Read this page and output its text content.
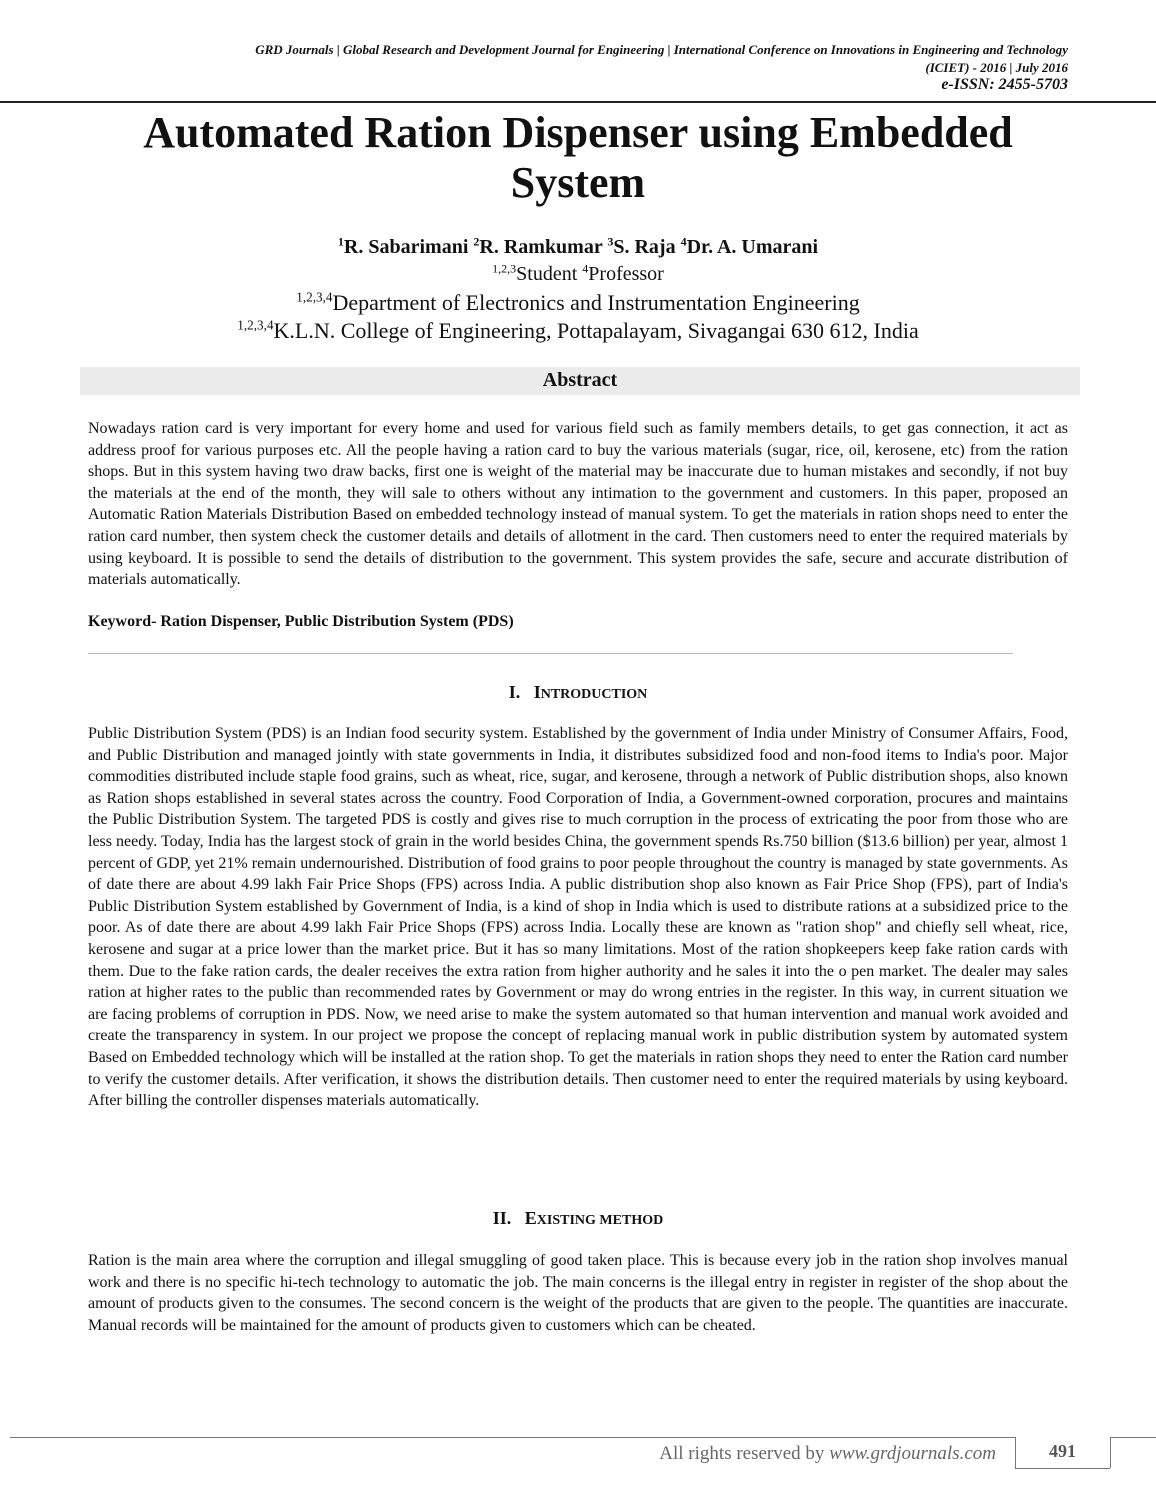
GRD Journals | Global Research and Development Journal for Engineering | International Conference on Innovations in Engineering and Technology
(ICIET) - 2016 | July 2016
e-ISSN: 2455-5703
Automated Ration Dispenser using Embedded
System
$^1$R. Sabarimani $^2$R. Ramkumar $^3$S. Raja $^4$Dr. A. Umarani
$^{1,2,3}$Student $^4$Professor
$^{1,2,3,4}$Department of Electronics and Instrumentation Engineering
$^{1,2,3,4}$K.L.N. College of Engineering, Pottapalayam, Sivagangai 630 612, India
Abstract
Nowadays ration card is very important for every home and used for various field such as family members details, to get gas connection, it act as address proof for various purposes etc. All the people having a ration card to buy the various materials (sugar, rice, oil, kerosene, etc) from the ration shops. But in this system having two draw backs, first one is weight of the material may be inaccurate due to human mistakes and secondly, if not buy the materials at the end of the month, they will sale to others without any intimation to the government and customers. In this paper, proposed an Automatic Ration Materials Distribution Based on embedded technology instead of manual system. To get the materials in ration shops need to enter the ration card number, then system check the customer details and details of allotment in the card. Then customers need to enter the required materials by using keyboard. It is possible to send the details of distribution to the government. This system provides the safe, secure and accurate distribution of materials automatically.
Keyword- Ration Dispenser, Public Distribution System (PDS)
I. INTRODUCTION
Public Distribution System (PDS) is an Indian food security system. Established by the government of India under Ministry of Consumer Affairs, Food, and Public Distribution and managed jointly with state governments in India, it distributes subsidized food and non-food items to India's poor. Major commodities distributed include staple food grains, such as wheat, rice, sugar, and kerosene, through a network of Public distribution shops, also known as Ration shops established in several states across the country. Food Corporation of India, a Government-owned corporation, procures and maintains the Public Distribution System. The targeted PDS is costly and gives rise to much corruption in the process of extricating the poor from those who are less needy. Today, India has the largest stock of grain in the world besides China, the government spends Rs.750 billion ($13.6 billion) per year, almost 1 percent of GDP, yet 21% remain undernourished. Distribution of food grains to poor people throughout the country is managed by state governments. As of date there are about 4.99 lakh Fair Price Shops (FPS) across India. A public distribution shop also known as Fair Price Shop (FPS), part of India's Public Distribution System established by Government of India, is a kind of shop in India which is used to distribute rations at a subsidized price to the poor. As of date there are about 4.99 lakh Fair Price Shops (FPS) across India. Locally these are known as "ration shop" and chiefly sell wheat, rice, kerosene and sugar at a price lower than the market price. But it has so many limitations. Most of the ration shopkeepers keep fake ration cards with them. Due to the fake ration cards, the dealer receives the extra ration from higher authority and he sales it into the o pen market. The dealer may sales ration at higher rates to the public than recommended rates by Government or may do wrong entries in the register. In this way, in current situation we are facing problems of corruption in PDS. Now, we need arise to make the system automated so that human intervention and manual work avoided and create the transparency in system. In our project we propose the concept of replacing manual work in public distribution system by automated system Based on Embedded technology which will be installed at the ration shop. To get the materials in ration shops they need to enter the Ration card number to verify the customer details. After verification, it shows the distribution details. Then customer need to enter the required materials by using keyboard. After billing the controller dispenses materials automatically.
II. EXISTING METHOD
Ration is the main area where the corruption and illegal smuggling of good taken place. This is because every job in the ration shop involves manual work and there is no specific hi-tech technology to automatic the job. The main concerns is the illegal entry in register in register of the shop about the amount of products given to the consumes. The second concern is the weight of the products that are given to the people. The quantities are inaccurate. Manual records will be maintained for the amount of products given to customers which can be cheated.
All rights reserved by www.grdjournals.com	491
